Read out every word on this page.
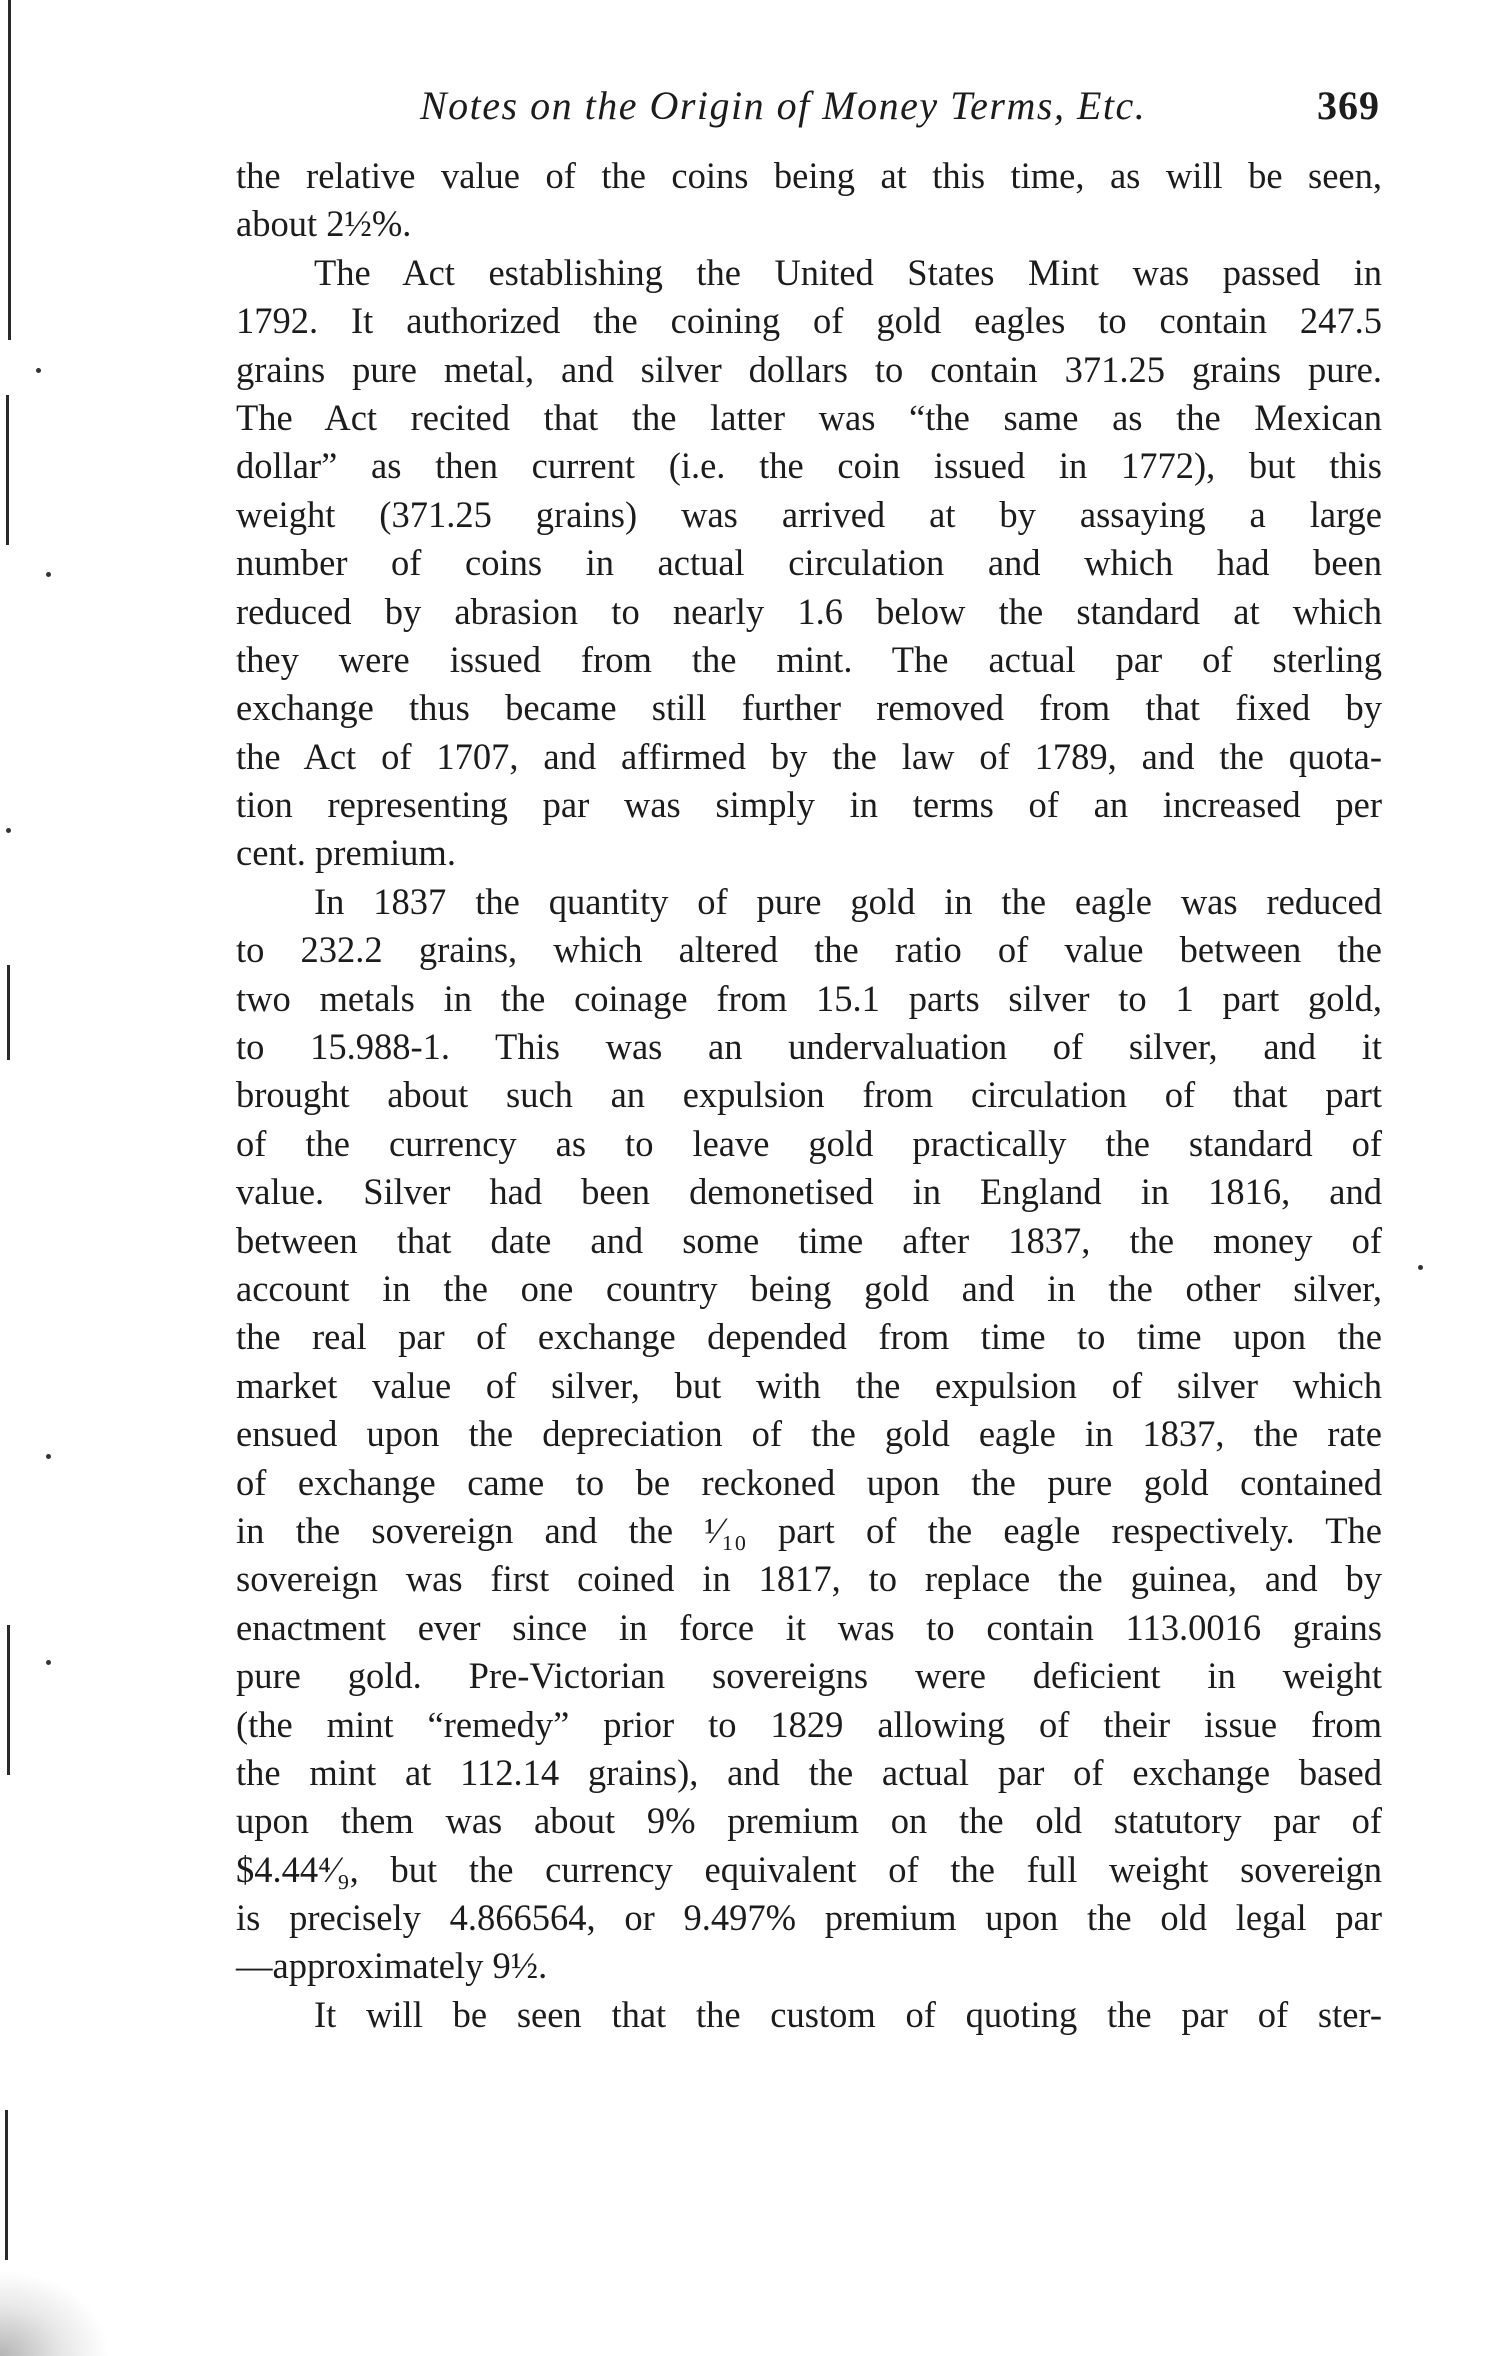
Notes on the Origin of Money Terms, Etc.	369
the relative value of the coins being at this time, as will be seen,
about 2½%.
The Act establishing the United States Mint was passed in
1792. It authorized the coining of gold eagles to contain 247.5
grains pure metal, and silver dollars to contain 371.25 grains pure.
The Act recited that the latter was “the same as the Mexican
dollar” as then current (i.e. the coin issued in 1772), but this
weight (371.25 grains) was arrived at by assaying a large
number of coins in actual circulation and which had been
reduced by abrasion to nearly 1.6 below the standard at which
they were issued from the mint. The actual par of sterling
exchange thus became still further removed from that fixed by
the Act of 1707, and affirmed by the law of 1789, and the quota-
tion representing par was simply in terms of an increased per
cent. premium.
In 1837 the quantity of pure gold in the eagle was reduced
to 232.2 grains, which altered the ratio of value between the
two metals in the coinage from 15.1 parts silver to 1 part gold,
to 15.988-1. This was an undervaluation of silver, and it
brought about such an expulsion from circulation of that part
of the currency as to leave gold practically the standard of
value. Silver had been demonetised in England in 1816, and
between that date and some time after 1837, the money of
account in the one country being gold and in the other silver,
the real par of exchange depended from time to time upon the
market value of silver, but with the expulsion of silver which
ensued upon the depreciation of the gold eagle in 1837, the rate
of exchange came to be reckoned upon the pure gold contained
in the sovereign and the ¹⁄₁₀ part of the eagle respectively. The
sovereign was first coined in 1817, to replace the guinea, and by
enactment ever since in force it was to contain 113.0016 grains
pure gold. Pre-Victorian sovereigns were deficient in weight
(the mint “remedy” prior to 1829 allowing of their issue from
the mint at 112.14 grains), and the actual par of exchange based
upon them was about 9% premium on the old statutory par of
$4.44⁴⁄₉, but the currency equivalent of the full weight sovereign
is precisely 4.866564, or 9.497% premium upon the old legal par
—approximately 9½.
It will be seen that the custom of quoting the par of ster-
